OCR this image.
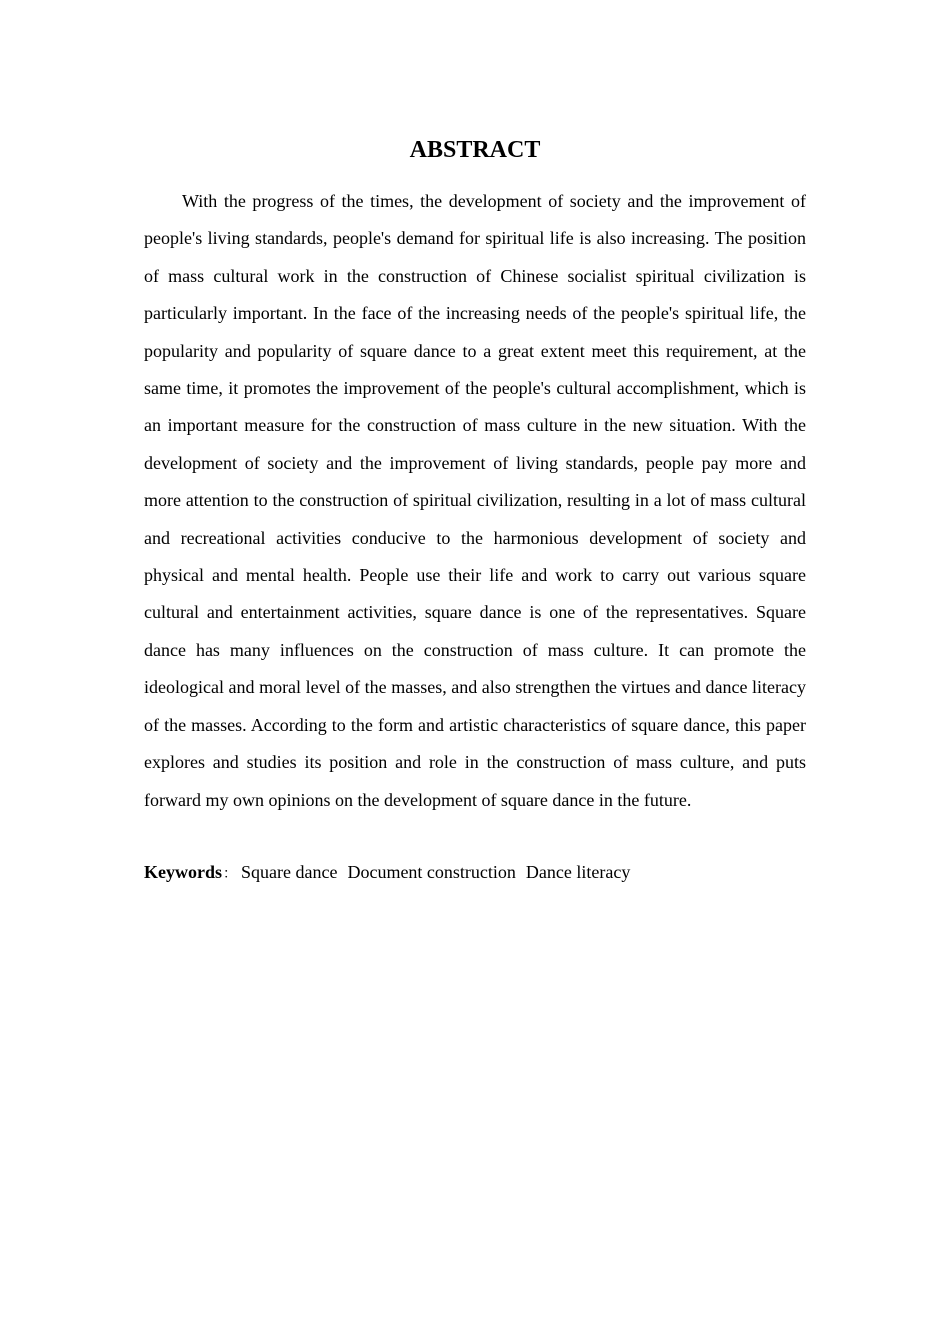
ABSTRACT

With the progress of the times, the development of society and the improvement of people's living standards, people's demand for spiritual life is also increasing. The position of mass cultural work in the construction of Chinese socialist spiritual civilization is particularly important. In the face of the increasing needs of the people's spiritual life, the popularity and popularity of square dance to a great extent meet this requirement, at the same time, it promotes the improvement of the people's cultural accomplishment, which is an important measure for the construction of mass culture in the new situation. With the development of society and the improvement of living standards, people pay more and more attention to the construction of spiritual civilization, resulting in a lot of mass cultural and recreational activities conducive to the harmonious development of society and physical and mental health. People use their life and work to carry out various square cultural and entertainment activities, square dance is one of the representatives. Square dance has many influences on the construction of mass culture. It can promote the ideological and moral level of the masses, and also strengthen the virtues and dance literacy of the masses. According to the form and artistic characteristics of square dance, this paper explores and studies its position and role in the construction of mass culture, and puts forward my own opinions on the development of square dance in the future.

Keywords： Square dance Document construction Dance literacy
